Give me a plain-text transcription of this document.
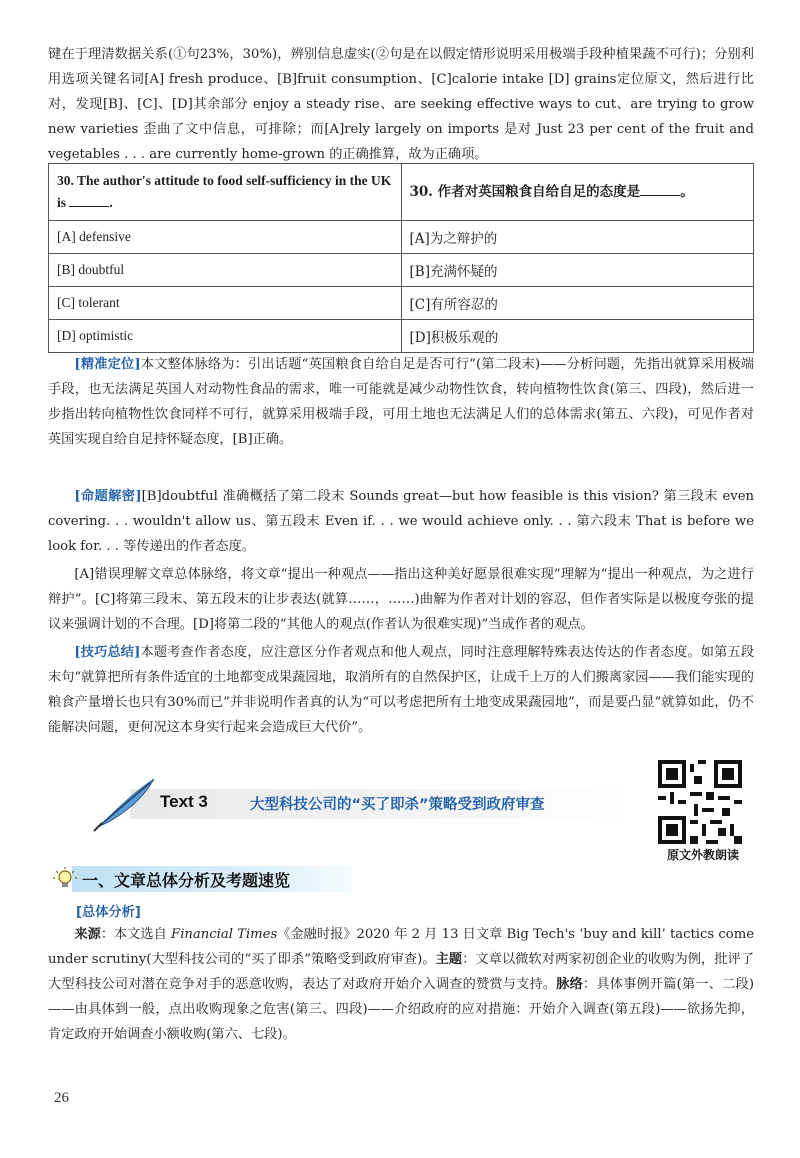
键在于理清数据关系(①句23%，30%)，辨别信息虚实(②句是在以假定情形说明采用极端手段种植果蔬不可行)；分别利用选项关键名词[A] fresh produce、[B]fruit consumption、[C]calorie intake [D] grains定位原文，然后进行比对，发现[B]、[C]、[D]其余部分 enjoy a steady rise、are seeking effective ways to cut、are trying to grow new varieties 歪曲了文中信息，可排除；而[A]rely largely on imports 是对 Just 23 per cent of the fruit and vegetables . . . are currently home-grown 的正确推算，故为正确项。

30. The author's attitude to food self-sufficiency in the UK is .	30. 作者对英国粮食自给自足的态度是 。
[A] defensive	[A]为之辩护的
[B] doubtful	[B]充满怀疑的
[C] tolerant	[C]有所容忍的
[D] optimistic	[D]积极乐观的

[精准定位]本文整体脉络为：引出话题“英国粮食自给自足是否可行”(第二段末)——分析问题，先指出就算采用极端手段，也无法满足英国人对动物性食品的需求，唯一可能就是减少动物性饮食，转向植物性饮食(第三、四段)，然后进一步指出转向植物性饮食同样不可行，就算采用极端手段，可用土地也无法满足人们的总体需求(第五、六段)，可见作者对英国实现自给自足持怀疑态度，[B]正确。

[命题解密][B]doubtful 准确概括了第二段末 Sounds great—but how feasible is this vision? 第三段末 even covering. . . wouldn't allow us、第五段末 Even if. . . we would achieve only. . . 第六段末 That is before we look for. . . 等传递出的作者态度。

[A]错误理解文章总体脉络，将文章“提出一种观点——指出这种美好愿景很难实现”理解为“提出一种观点，为之进行辩护”。[C]将第三段末、第五段末的让步表达(就算……，……)曲解为作者对计划的容忍，但作者实际是以极度夸张的提议来强调计划的不合理。[D]将第二段的“其他人的观点(作者认为很难实现)”当成作者的观点。

[技巧总结]本题考查作者态度，应注意区分作者观点和他人观点，同时注意理解特殊表达传达的作者态度。如第五段末句“就算把所有条件适宜的土地都变成果蔬园地，取消所有的自然保护区，让成千上万的人们搬离家园——我们能实现的粮食产量增长也只有30%而已”并非说明作者真的认为“可以考虑把所有土地变成果蔬园地”，而是要凸显“就算如此，仍不能解决问题，更何况这本身实行起来会造成巨大代价”。

Text 3	大型科技公司的“买了即杀”策略受到政府审查
原文外教朗读
一、文章总体分析及考题速览
[总体分析]

来源：本文选自 Financial Times《金融时报》2020 年 2 月 13 日文章 Big Tech's ‘buy and kill’ tactics come under scrutiny(大型科技公司的“买了即杀”策略受到政府审查)。主题：文章以微软对两家初创企业的收购为例，批评了大型科技公司对潜在竞争对手的恶意收购，表达了对政府开始介入调查的赞赏与支持。脉络：具体事例开篇(第一、二段)——由具体到一般，点出收购现象之危害(第三、四段)——介绍政府的应对措施：开始介入调查(第五段)——欲扬先抑，肯定政府开始调查小额收购(第六、七段)。

26
